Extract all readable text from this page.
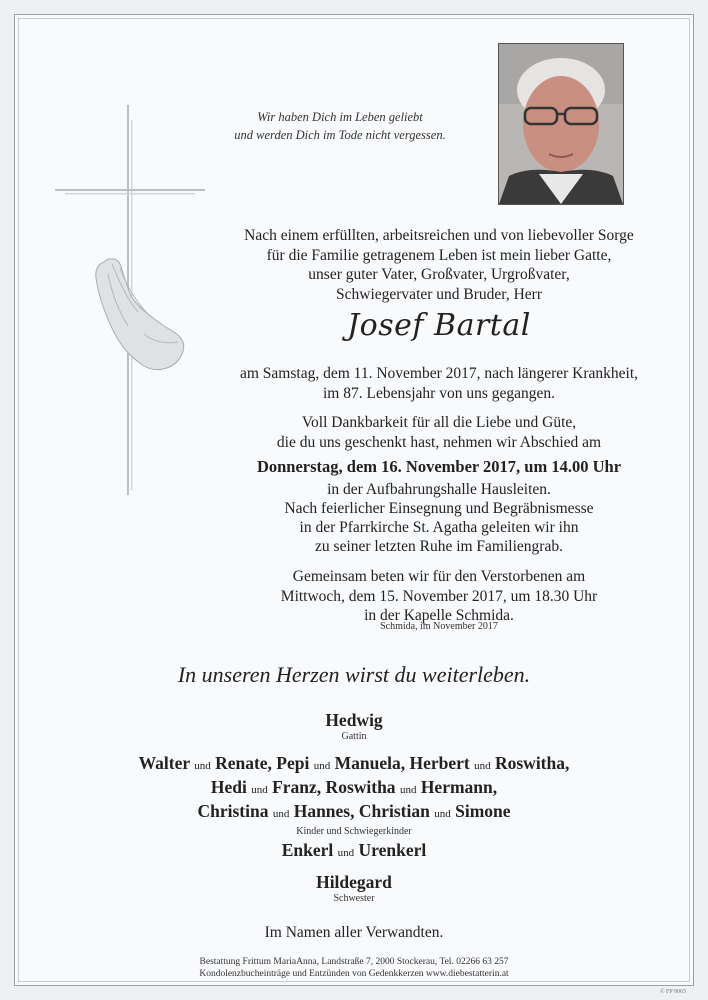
Wir haben Dich im Leben geliebt
und werden Dich im Tode nicht vergessen.
Nach einem erfüllten, arbeitsreichen und von liebevoller Sorge
für die Familie getragenem Leben ist mein lieber Gatte,
unser guter Vater, Großvater, Urgroßvater,
Schwiegervater und Bruder, Herr
Josef Bartal
am Samstag, dem 11. November 2017, nach längerer Krankheit,
im 87. Lebensjahr von uns gegangen.
Voll Dankbarkeit für all die Liebe und Güte,
die du uns geschenkt hast, nehmen wir Abschied am
Donnerstag, dem 16. November 2017, um 14.00 Uhr
in der Aufbahrungshalle Hausleiten.
Nach feierlicher Einsegnung und Begräbnismesse
in der Pfarrkirche St. Agatha geleiten wir ihn
zu seiner letzten Ruhe im Familiengrab.
Gemeinsam beten wir für den Verstorbenen am
Mittwoch, dem 15. November 2017, um 18.30 Uhr
in der Kapelle Schmida.
Schmida, im November 2017
In unseren Herzen wirst du weiterleben.
Hedwig
Gattin
Walter und Renate, Pepi und Manuela, Herbert und Roswitha,
Hedi und Franz, Roswitha und Hermann,
Christina und Hannes, Christian und Simone
Kinder und Schwiegerkinder
Enkerl und Urenkerl
Hildegard
Schwester
Im Namen aller Verwandten.
Bestattung Frittum MariaAnna, Landstraße 7, 2000 Stockerau, Tel. 02266 63 257
Kondolenzbucheinträge und Entzünden von Gedenkkerzen www.diebestatterin.at
© FP 9065
